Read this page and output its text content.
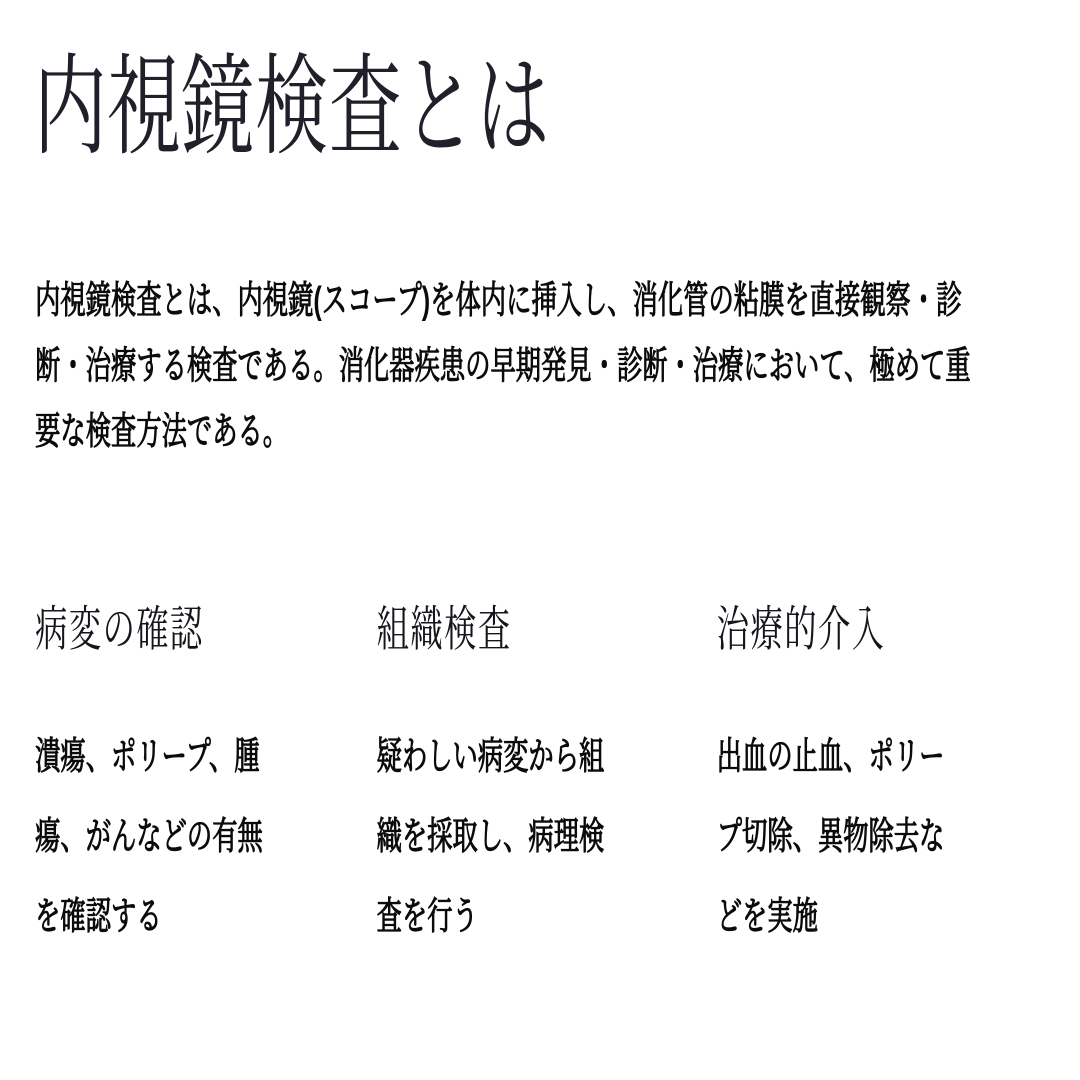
内視鏡検査とは
内視鏡検査とは、内視鏡(スコープ)を体内に挿入し、消化管の粘膜を直接観察・診
断・治療する検査である。消化器疾患の早期発見・診断・治療において、極めて重
要な検査方法である。
病変の確認
潰瘍、ポリープ、腫
瘍、がんなどの有無
を確認する
組織検査
疑わしい病変から組
織を採取し、病理検
査を行う
治療的介入
出血の止血、ポリー
プ切除、異物除去な
どを実施
